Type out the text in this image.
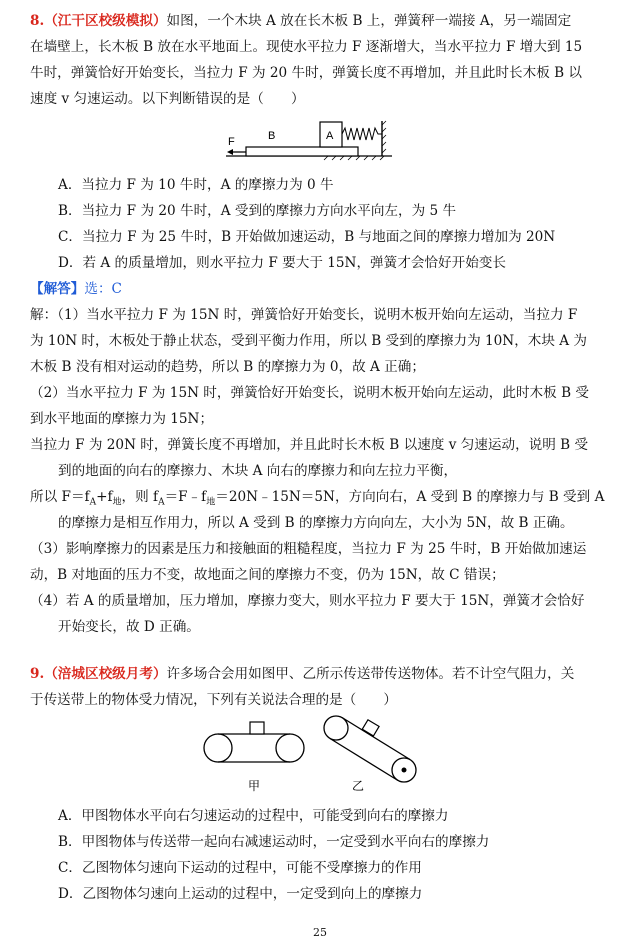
8.（江干区校级模拟）如图，一个木块 A 放在长木板 B 上，弹簧秤一端接 A，另一端固定
在墙壁上，长木板 B 放在水平地面上。现使水平拉力 F 逐渐增大，当水平拉力 F 增大到 15
牛时，弹簧恰好开始变长，当拉力 F 为 20 牛时，弹簧长度不再增加，并且此时长木板 B 以
速度 v 匀速运动。以下判断错误的是（　　）
F	B	A
A．当拉力 F 为 10 牛时，A 的摩擦力为 0 牛
B．当拉力 F 为 20 牛时，A 受到的摩擦力方向水平向左，为 5 牛
C．当拉力 F 为 25 牛时，B 开始做加速运动，B 与地面之间的摩擦力增加为 20N
D．若 A 的质量增加，则水平拉力 F 要大于 15N，弹簧才会恰好开始变长
【解答】选：C
解：（1）当水平拉力 F 为 15N 时，弹簧恰好开始变长，说明木板开始向左运动，当拉力 F
为 10N 时，木板处于静止状态，受到平衡力作用，所以 B 受到的摩擦力为 10N，木块 A 为
木板 B 没有相对运动的趋势，所以 B 的摩擦力为 0，故 A 正确；
（2）当水平拉力 F 为 15N 时，弹簧恰好开始变长，说明木板开始向左运动，此时木板 B 受
到水平地面的摩擦力为 15N；
当拉力 F 为 20N 时，弹簧长度不再增加，并且此时长木板 B 以速度 v 匀速运动，说明 B 受
到的地面的向右的摩擦力、木块 A 向右的摩擦力和向左拉力平衡，
所以 $F=f_A+f_地$，则 $f_A=F﹣f_地=20N﹣15N=5N$，方向向右，A 受到 B 的摩擦力与 B 受到 A
的摩擦力是相互作用力，所以 A 受到 B 的摩擦力方向向左，大小为 5N，故 B 正确。
（3）影响摩擦力的因素是压力和接触面的粗糙程度，当拉力 F 为 25 牛时，B 开始做加速运
动，B 对地面的压力不变，故地面之间的摩擦力不变，仍为 15N，故 C 错误；
（4）若 A 的质量增加，压力增加，摩擦力变大，则水平拉力 F 要大于 15N，弹簧才会恰好
开始变长，故 D 正确。
9.（涪城区校级月考）许多场合会用如图甲、乙所示传送带传送物体。若不计空气阻力，关
于传送带上的物体受力情况，下列有关说法合理的是（　　）
甲	乙
A．甲图物体水平向右匀速运动的过程中，可能受到向右的摩擦力
B．甲图物体与传送带一起向右减速运动时，一定受到水平向右的摩擦力
C．乙图物体匀速向下运动的过程中，可能不受摩擦力的作用
D．乙图物体匀速向上运动的过程中，一定受到向上的摩擦力
25
